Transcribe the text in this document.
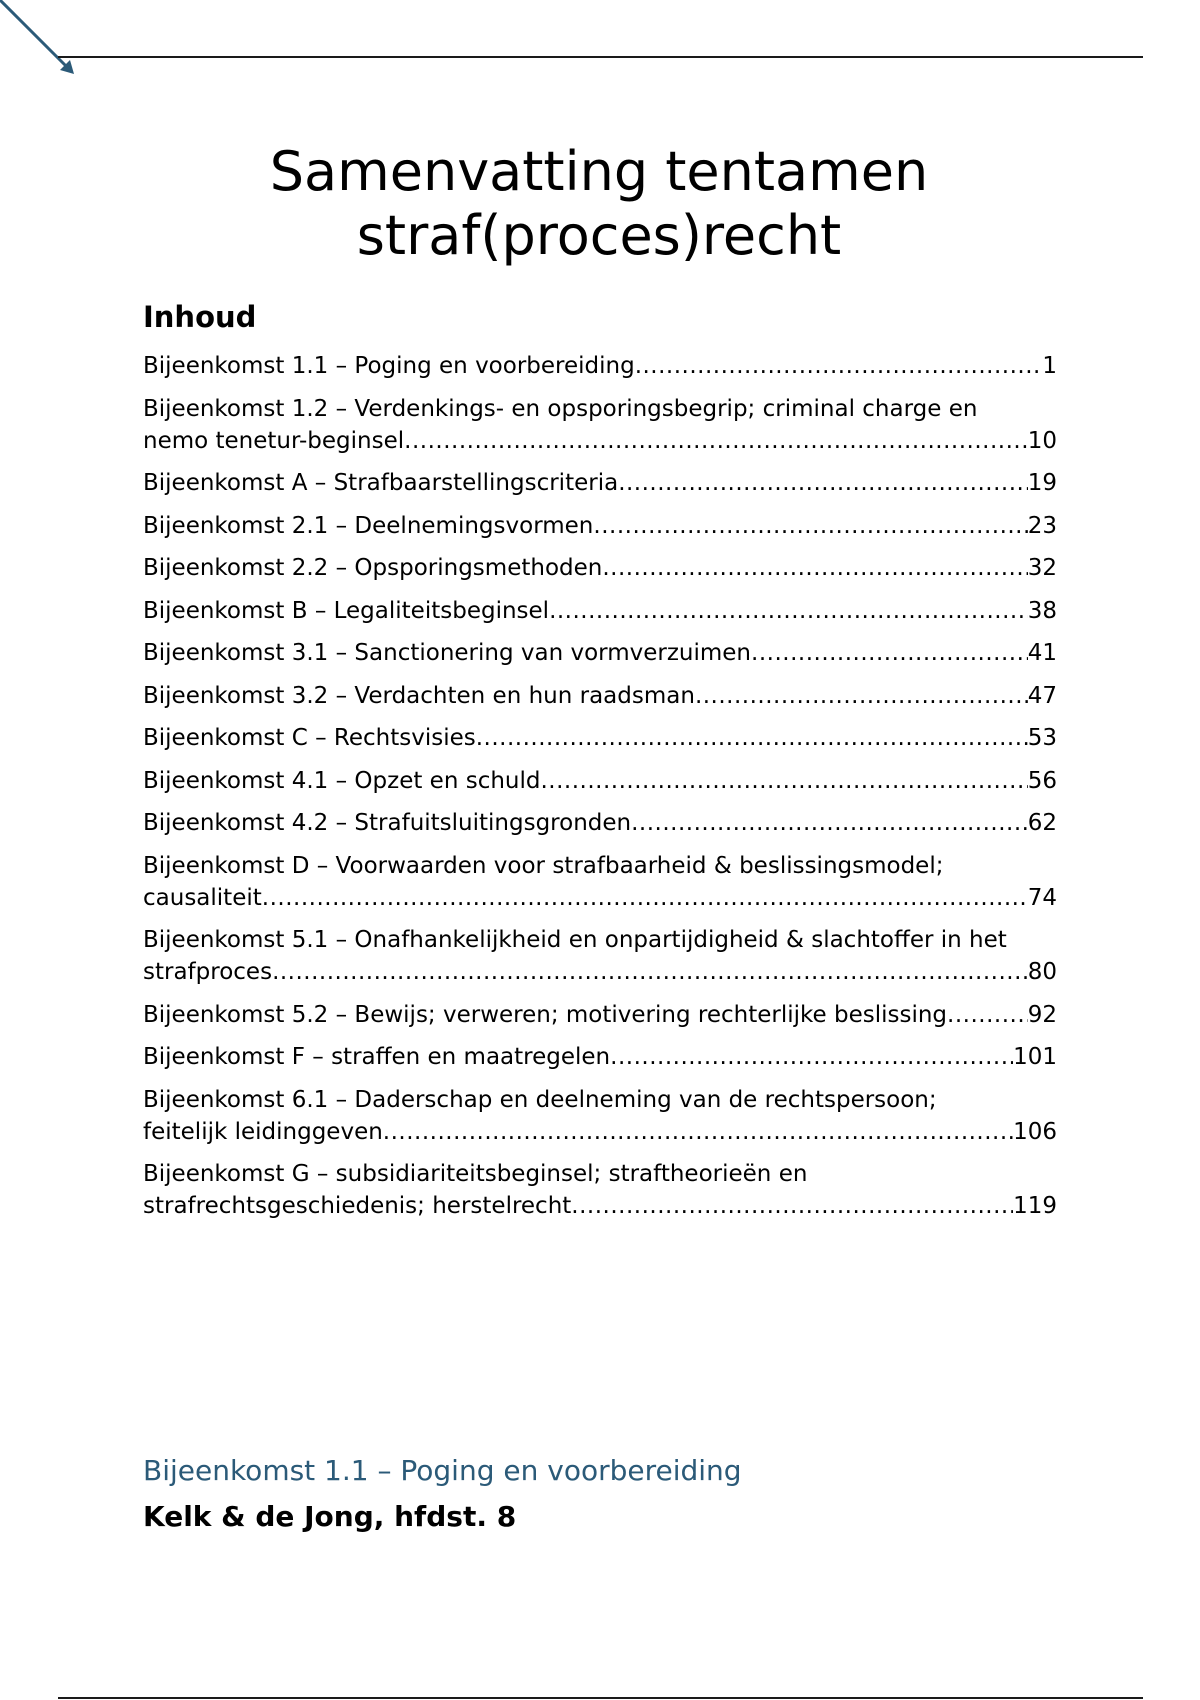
Samenvatting tentamen
straf(proces)recht
Inhoud
Bijeenkomst 1.1 – Poging en voorbereiding .....	1
Bijeenkomst 1.2 – Verdenkings- en opsporingsbegrip; criminal charge en
nemo tenetur-beginsel .....	10
Bijeenkomst A – Strafbaarstellingscriteria .....	19
Bijeenkomst 2.1 – Deelnemingsvormen .....	23
Bijeenkomst 2.2 – Opsporingsmethoden .....	32
Bijeenkomst B – Legaliteitsbeginsel .....	38
Bijeenkomst 3.1 – Sanctionering van vormverzuimen .....	41
Bijeenkomst 3.2 – Verdachten en hun raadsman .....	47
Bijeenkomst C – Rechtsvisies .....	53
Bijeenkomst 4.1 – Opzet en schuld .....	56
Bijeenkomst 4.2 – Strafuitsluitingsgronden .....	62
Bijeenkomst D – Voorwaarden voor strafbaarheid & beslissingsmodel;
causaliteit .....	74
Bijeenkomst 5.1 – Onafhankelijkheid en onpartijdigheid & slachtoffer in het
strafproces .....	80
Bijeenkomst 5.2 – Bewijs; verweren; motivering rechterlijke beslissing .....	92
Bijeenkomst F – straffen en maatregelen .....	101
Bijeenkomst 6.1 – Daderschap en deelneming van de rechtspersoon;
feitelijk leidinggeven .....	106
Bijeenkomst G – subsidiariteitsbeginsel; straftheorieën en
strafrechtsgeschiedenis; herstelrecht .....	119
Bijeenkomst 1.1 – Poging en voorbereiding

Kelk & de Jong, hfdst. 8
